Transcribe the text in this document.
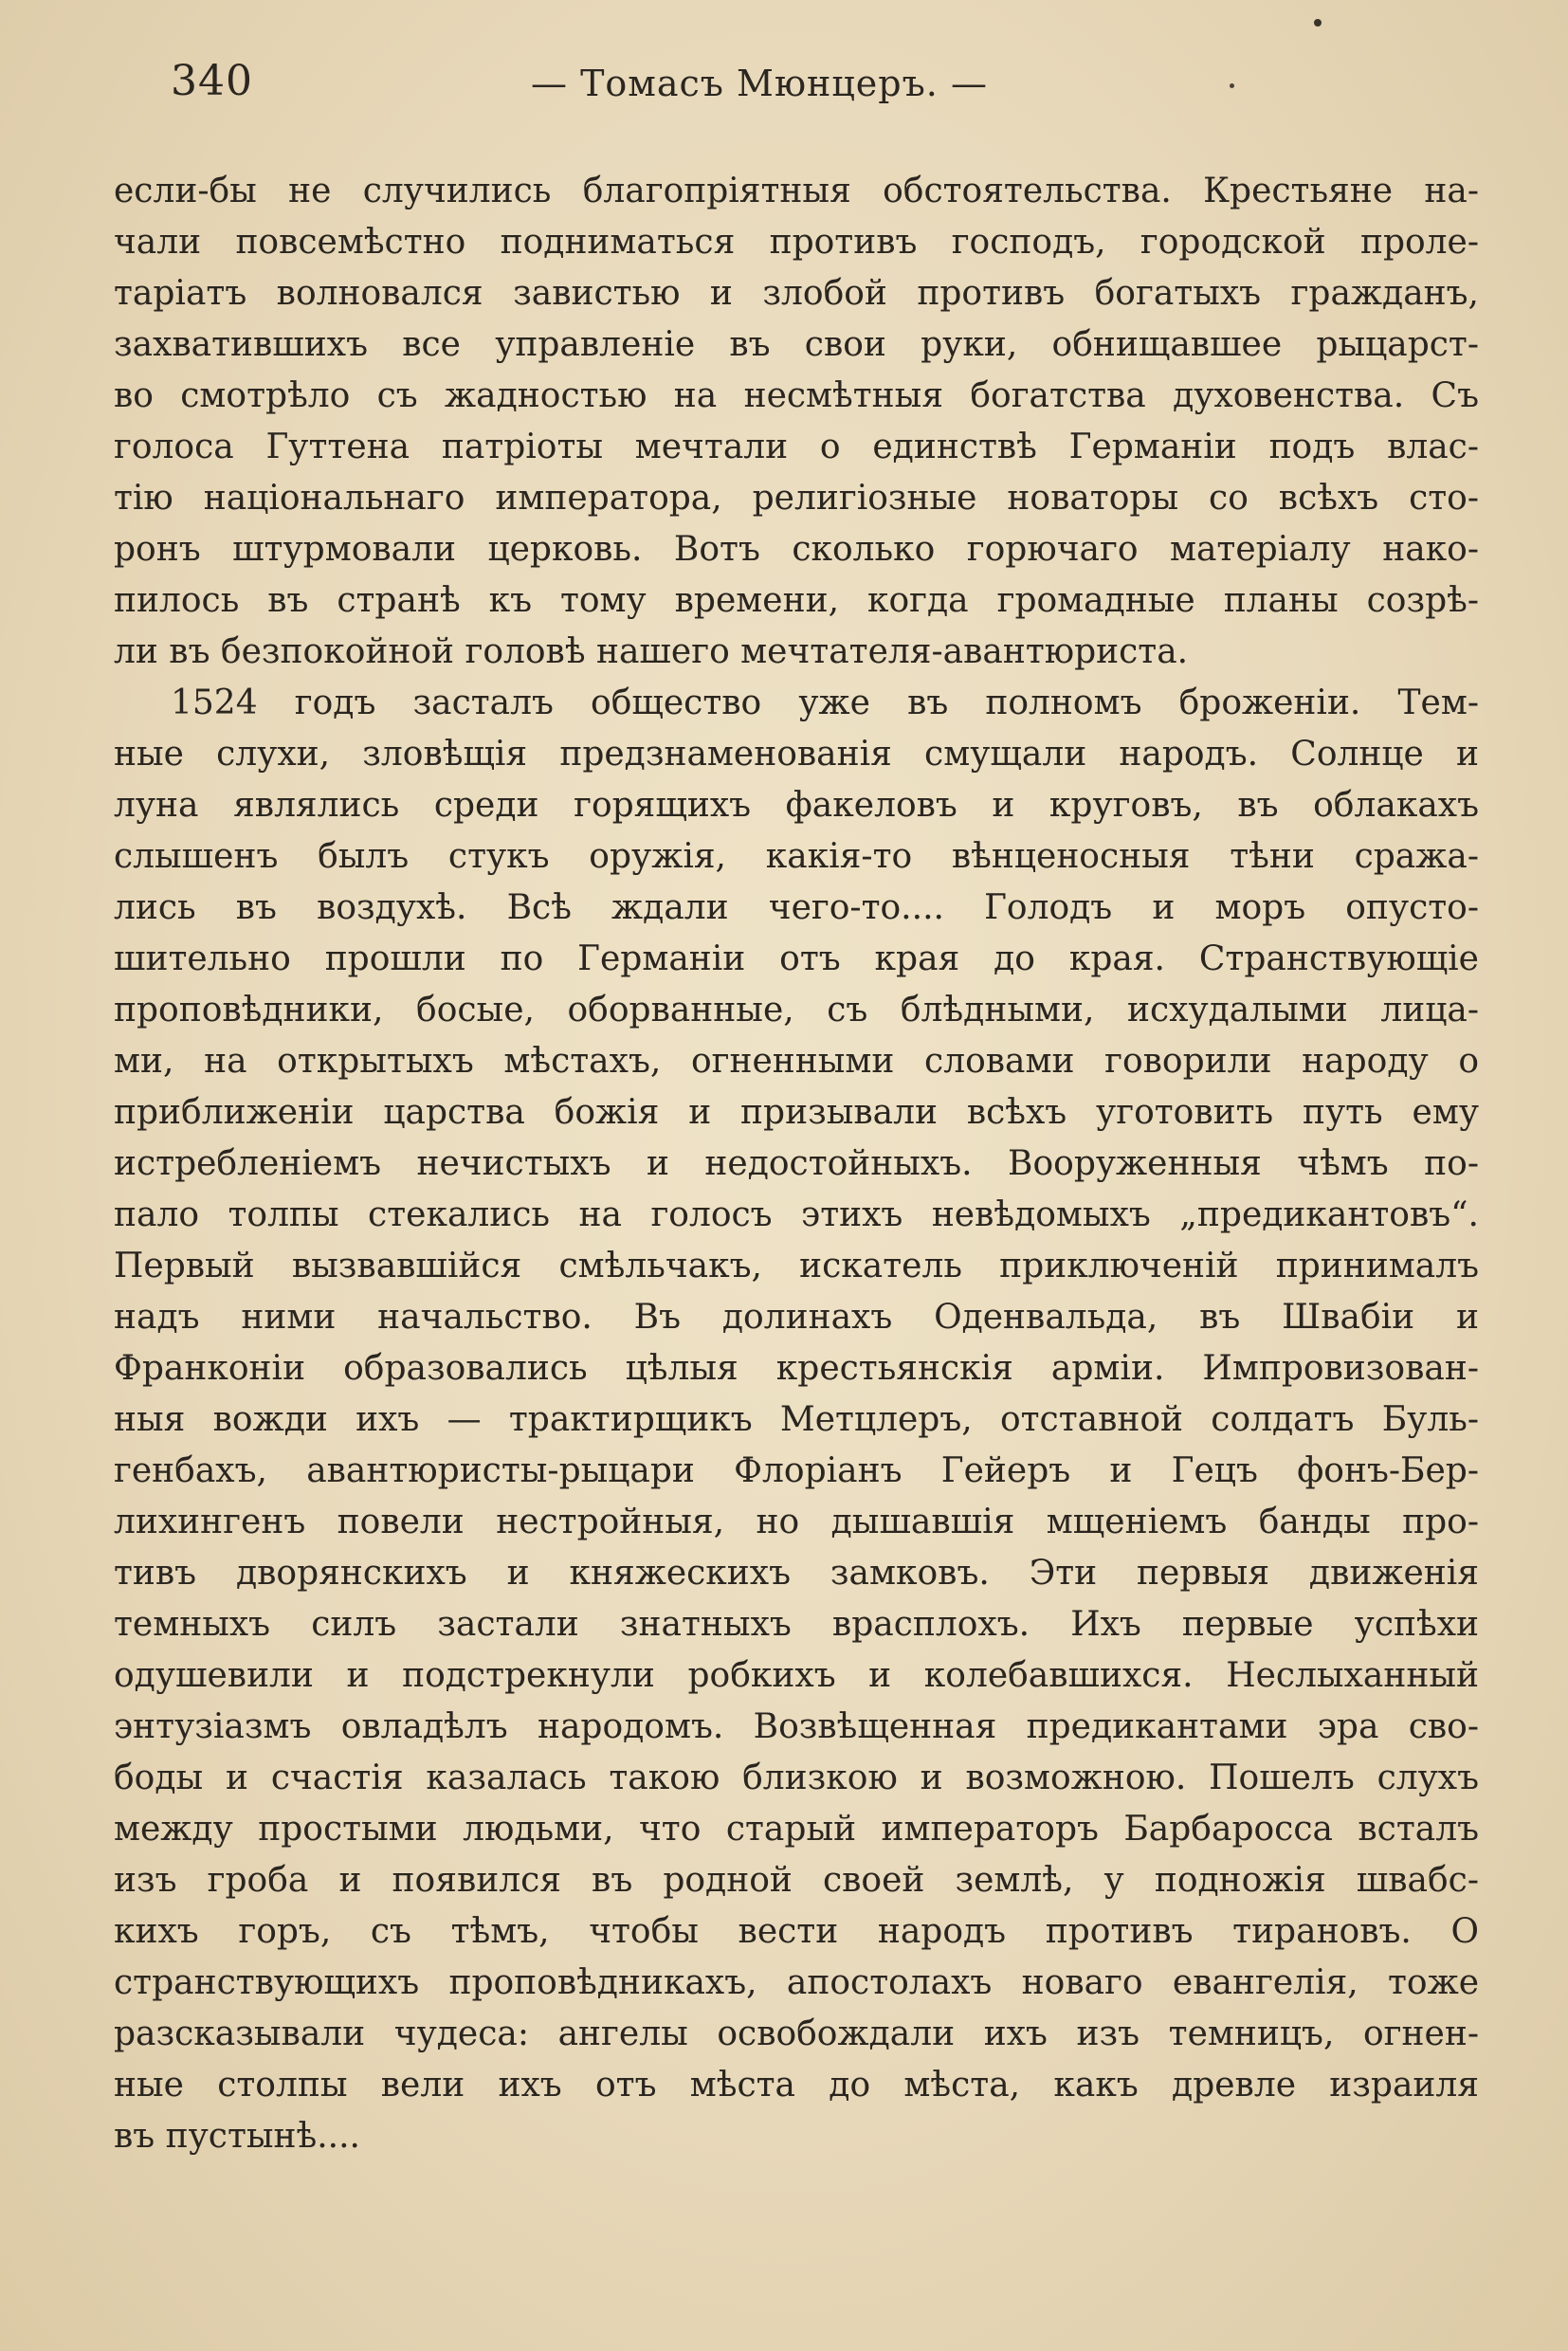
340	— Томасъ Мюнцеръ. —
если-бы не случились благопріятныя обстоятельства. Крестьяне на-
чали повсемѣстно подниматься противъ господъ, городской проле-
таріатъ волновался завистью и злобой противъ богатыхъ гражданъ,
захватившихъ все управленіе въ свои руки, обнищавшее рыцарст-
во смотрѣло съ жадностью на несмѣтныя богатства духовенства. Съ
голоса Гуттена патріоты мечтали о единствѣ Германіи подъ влас-
тію національнаго императора, религіозные новаторы со всѣхъ сто-
ронъ штурмовали церковь. Вотъ сколько горючаго матеріалу нако-
пилось въ странѣ къ тому времени, когда громадные планы созрѣ-
ли въ безпокойной головѣ нашего мечтателя-авантюриста.
1524 годъ засталъ общество уже въ полномъ броженіи. Тем-
ные слухи, зловѣщія предзнаменованія смущали народъ. Солнце и
луна являлись среди горящихъ факеловъ и круговъ, въ облакахъ
слышенъ былъ стукъ оружія, какія-то вѣнценосныя тѣни сража-
лись въ воздухѣ. Всѣ ждали чего-то.... Голодъ и моръ опусто-
шительно прошли по Германіи отъ края до края. Странствующіе
проповѣдники, босые, оборванные, съ блѣдными, исхудалыми лица-
ми, на открытыхъ мѣстахъ, огненными словами говорили народу о
приближеніи царства божія и призывали всѣхъ уготовить путь ему
истребленіемъ нечистыхъ и недостойныхъ. Вооруженныя чѣмъ по-
пало толпы стекались на голосъ этихъ невѣдомыхъ „предикантовъ“.
Первый вызвавшійся смѣльчакъ, искатель приключеній принималъ
надъ ними начальство. Въ долинахъ Оденвальда, въ Швабіи и
Франконіи образовались цѣлыя крестьянскія арміи. Импровизован-
ныя вожди ихъ — трактирщикъ Метцлеръ, отставной солдатъ Буль-
генбахъ, авантюристы-рыцари Флоріанъ Гейеръ и Гецъ фонъ-Бер-
лихингенъ повели нестройныя, но дышавшія мщеніемъ банды про-
тивъ дворянскихъ и княжескихъ замковъ. Эти первыя движенія
темныхъ силъ застали знатныхъ врасплохъ. Ихъ первые успѣхи
одушевили и подстрекнули робкихъ и колебавшихся. Неслыханный
энтузіазмъ овладѣлъ народомъ. Возвѣщенная предикантами эра сво-
боды и счастія казалась такою близкою и возможною. Пошелъ слухъ
между простыми людьми, что старый императоръ Барбаросса всталъ
изъ гроба и появился въ родной своей землѣ, у подножія швабс-
кихъ горъ, съ тѣмъ, чтобы вести народъ противъ тирановъ. О
странствующихъ проповѣдникахъ, апостолахъ новаго евангелія, тоже
разсказывали чудеса: ангелы освобождали ихъ изъ темницъ, огнен-
ные столпы вели ихъ отъ мѣста до мѣста, какъ древле израиля
въ пустынѣ....
